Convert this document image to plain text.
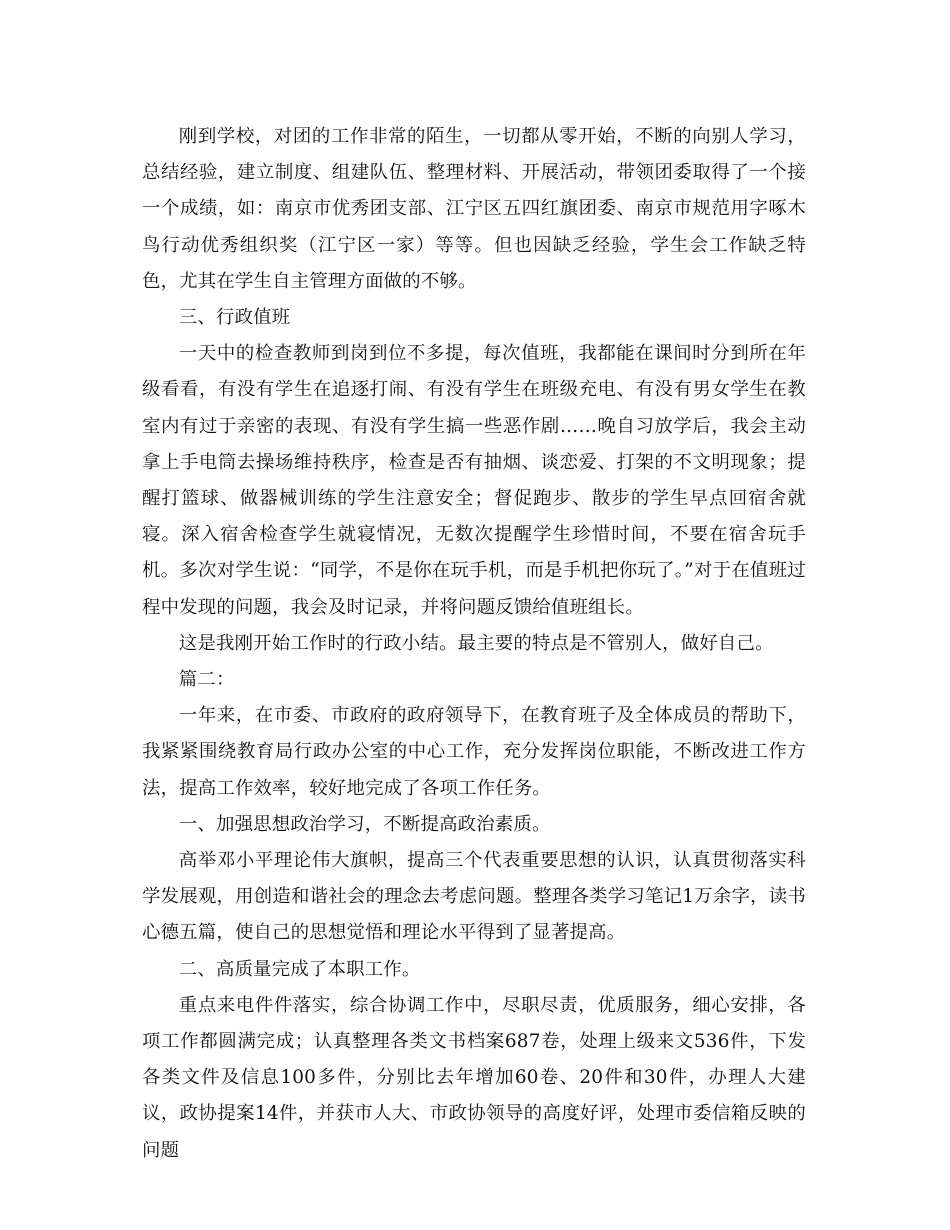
刚到学校，对团的工作非常的陌生，一切都从零开始，不断的向别人学习，总结经验，建立制度、组建队伍、整理材料、开展活动，带领团委取得了一个接一个成绩，如：南京市优秀团支部、江宁区五四红旗团委、南京市规范用字啄木鸟行动优秀组织奖（江宁区一家）等等。但也因缺乏经验，学生会工作缺乏特色，尤其在学生自主管理方面做的不够。

三、行政值班

一天中的检查教师到岗到位不多提，每次值班，我都能在课间时分到所在年级看看，有没有学生在追逐打闹、有没有学生在班级充电、有没有男女学生在教室内有过于亲密的表现、有没有学生搞一些恶作剧……晚自习放学后，我会主动拿上手电筒去操场维持秩序，检查是否有抽烟、谈恋爱、打架的不文明现象；提醒打篮球、做器械训练的学生注意安全；督促跑步、散步的学生早点回宿舍就寝。深入宿舍检查学生就寝情况，无数次提醒学生珍惜时间，不要在宿舍玩手机。多次对学生说：“同学，不是你在玩手机，而是手机把你玩了。”对于在值班过程中发现的问题，我会及时记录，并将问题反馈给值班组长。

这是我刚开始工作时的行政小结。最主要的特点是不管别人，做好自己。

篇二：

一年来，在市委、市政府的政府领导下，在教育班子及全体成员的帮助下，我紧紧围绕教育局行政办公室的中心工作，充分发挥岗位职能，不断改进工作方法，提高工作效率，较好地完成了各项工作任务。

一、加强思想政治学习，不断提高政治素质。

高举邓小平理论伟大旗帜，提高三个代表重要思想的认识，认真贯彻落实科学发展观，用创造和谐社会的理念去考虑问题。整理各类学习笔记1万余字，读书心德五篇，使自己的思想觉悟和理论水平得到了显著提高。

二、高质量完成了本职工作。

重点来电件件落实，综合协调工作中，尽职尽责，优质服务，细心安排，各项工作都圆满完成；认真整理各类文书档案687卷，处理上级来文536件，下发各类文件及信息100多件，分别比去年增加60卷、20件和30件，办理人大建议，政协提案14件，并获市人大、市政协领导的高度好评，处理市委信箱反映的问题
